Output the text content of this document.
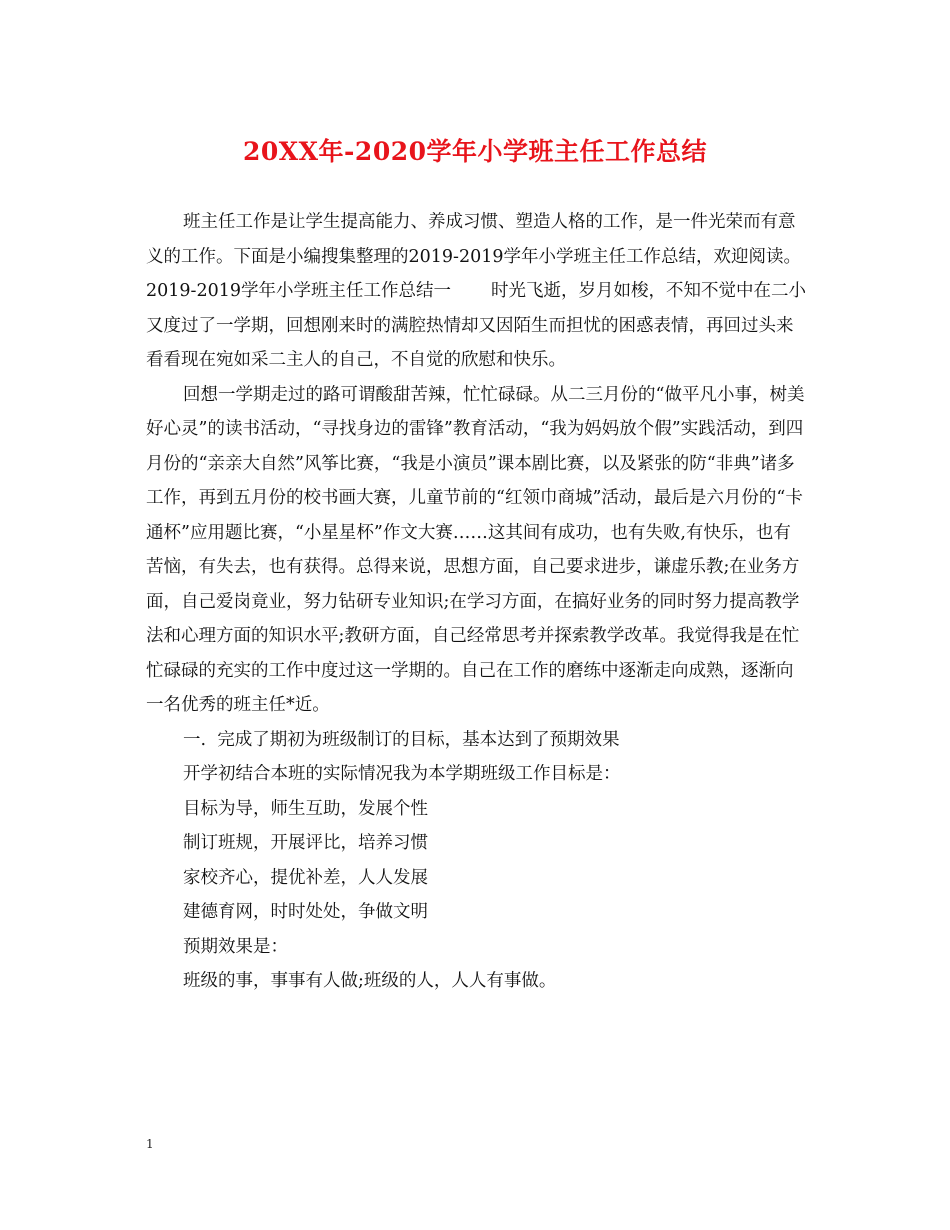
20XX年-2020学年小学班主任工作总结

班主任工作是让学生提高能力、养成习惯、塑造人格的工作，是一件光荣而有意义的工作。下面是小编搜集整理的2019-2019学年小学班主任工作总结，欢迎阅读。

2019-2019学年小学班主任工作总结一 时光飞逝，岁月如梭，不知不觉中在二小又度过了一学期，回想刚来时的满腔热情却又因陌生而担忧的困惑表情，再回过头来看看现在宛如采二主人的自己，不自觉的欣慰和快乐。

回想一学期走过的路可谓酸甜苦辣，忙忙碌碌。从二三月份的“做平凡小事，树美好心灵”的读书活动，“寻找身边的雷锋”教育活动，“我为妈妈放个假”实践活动，到四月份的“亲亲大自然”风筝比赛，“我是小演员”课本剧比赛，以及紧张的防“非典”诸多工作，再到五月份的校书画大赛，儿童节前的“红领巾商城”活动，最后是六月份的“卡通杯”应用题比赛，“小星星杯”作文大赛……这其间有成功，也有失败,有快乐，也有苦恼，有失去，也有获得。总得来说，思想方面，自己要求进步，谦虚乐教;在业务方面，自己爱岗竟业，努力钻研专业知识;在学习方面，在搞好业务的同时努力提高教学法和心理方面的知识水平;教研方面，自己经常思考并探索教学改革。我觉得我是在忙忙碌碌的充实的工作中度过这一学期的。自己在工作的磨练中逐渐走向成熟，逐渐向一名优秀的班主任*近。

一.  完成了期初为班级制订的目标，基本达到了预期效果

开学初结合本班的实际情况我为本学期班级工作目标是：

目标为导，师生互助，发展个性

制订班规，开展评比，培养习惯

家校齐心，提优补差，人人发展

建德育网，时时处处，争做文明

预期效果是：

班级的事，事事有人做;班级的人，人人有事做。

1
